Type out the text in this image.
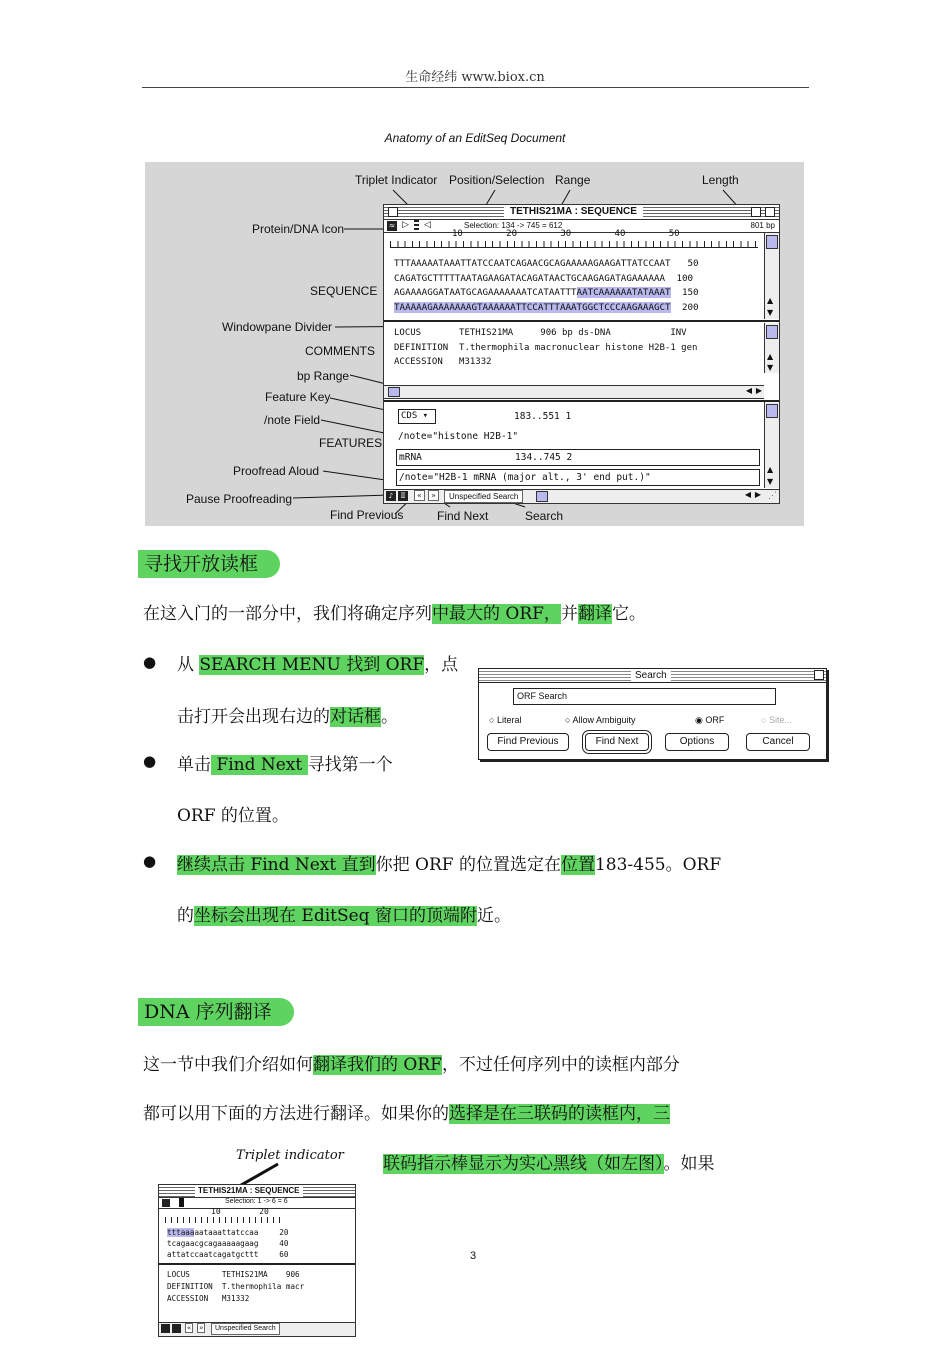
生命经纬 www.biox.cn
Anatomy of an EditSeq Document
Triplet Indicator Position/Selection Range	Length
Protein/DNA Icon
SEQUENCE
Windowpane Divider
COMMENTS
bp Range
Feature Key
/note Field
FEATURES
Proofread Aloud
Pause Proofreading
Find Previous	Find Next	Search
TETHIS21MA : SEQUENCE
≈ ▷ ◁	Selection: 134 -> 745 = 612	801 bp
10        20        30        40        50
TTTAAAAATAAATTATCCAATCAGAACGCAGAAAAAGAAGATTATCCAAT 50
CAGATGCTTTTTAATAGAAGATACAGATAACTGCAAGAGATAGAAAAAA 100
AGAAAAGGATAATGCAGAAAAAAATCATAATTTAATCAAAAAATATAAAT 150
TAAAAAGAAAAAAAGTAAAAAATTCCATTTAAATGGCTCCCAAGAAAGCT 200
▲
▼
LOCUS       TETHIS21MA     906 bp ds-DNA           INV
DEFINITION  T.thermophila macronuclear histone H2B-1 gen
ACCESSION   M31332
▲
▼
◀ ▶
CDS ▾	183..551 1
/note="histone H2B-1"
mRNA	134..745 2
/note="H2B-1 mRNA (major alt., 3' end put.)"
▲
▼
♪	Ⅱ	«	»	Unspecified Search	◀ ▶ ⋰
寻找开放读框
在这入门的一部分中，我们将确定序列中最大的 ORF，并翻译它。
● 从 SEARCH MENU 找到 ORF，点
击打开会出现右边的对话框。
● 单击 Find Next 寻找第一个
ORF 的位置。
● 继续点击 Find Next 直到你把 ORF 的位置选定在位置183-455。ORF
的坐标会出现在 EditSeq 窗口的顶端附近。
Search
ORF Search
○ Literal	○ Allow Ambiguity	◉ ORF	○ Site...
Find Previous	Find Next	Options	Cancel
DNA 序列翻译
这一节中我们介绍如何翻译我们的 ORF，不过任何序列中的读框内部分
都可以用下面的方法进行翻译。如果你的选择是在三联码的读框内，三
联码指示棒显示为实心黑线（如左图）。如果
Triplet indicator
TETHIS21MA : SEQUENCE
Selection: 1 -> 6 = 6
10        20
tttaaaaataaattatccaa	20
tcagaacgcagaaaaagaag	40
attatccaatcagatgcttt	60
LOCUS       TETHIS21MA    906
DEFINITION  T.thermophila macr
ACCESSION   M31332
« »	Unspecified Search
3
